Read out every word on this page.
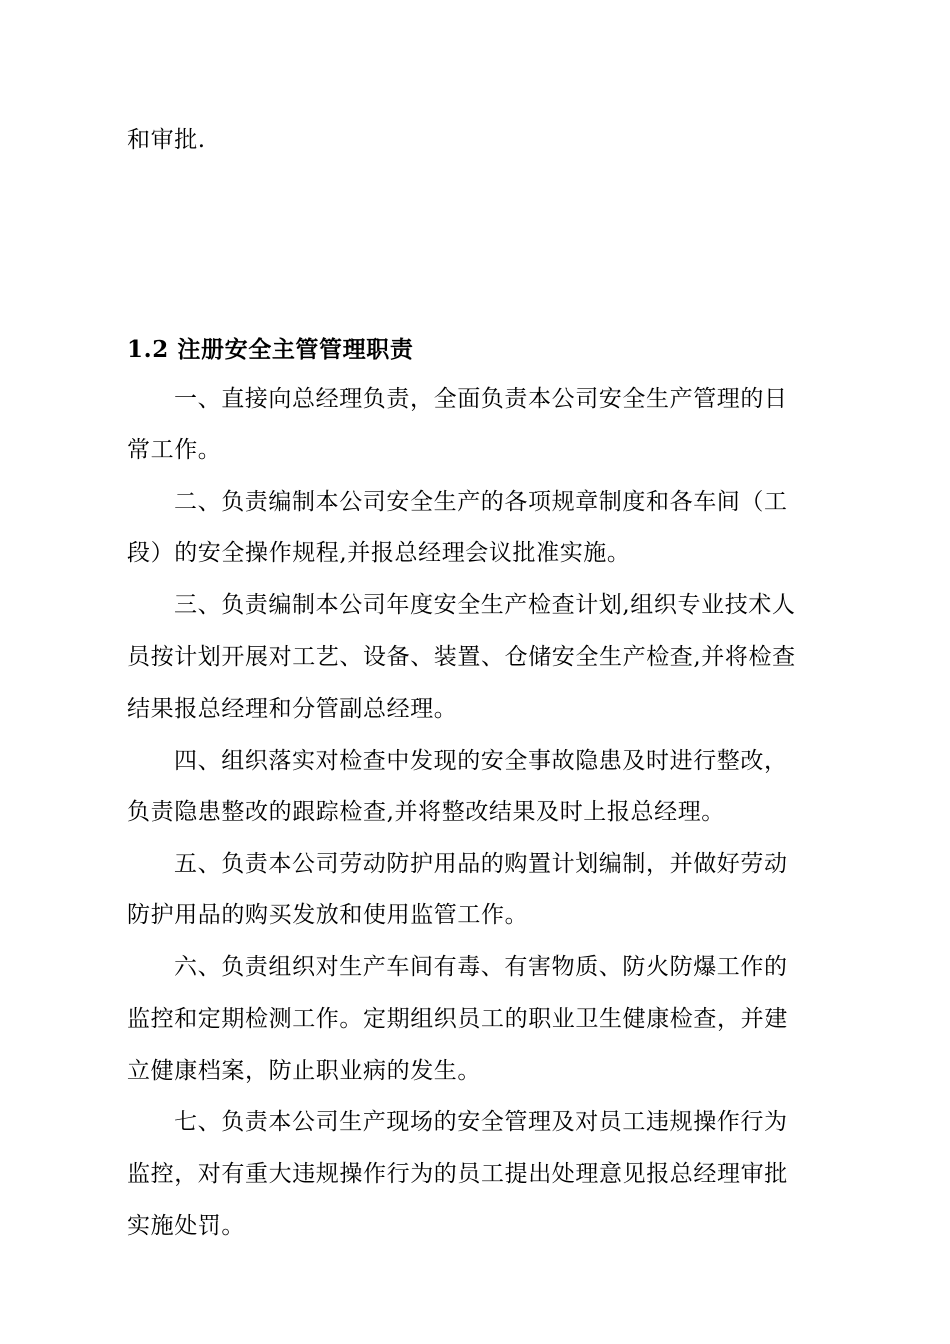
和审批.
1.2 注册安全主管管理职责
一、直接向总经理负责，全面负责本公司安全生产管理的日
常工作。
二、负责编制本公司安全生产的各项规章制度和各车间（工
段）的安全操作规程,并报总经理会议批准实施。
三、负责编制本公司年度安全生产检查计划,组织专业技术人
员按计划开展对工艺、设备、装置、仓储安全生产检查,并将检查
结果报总经理和分管副总经理。
四、组织落实对检查中发现的安全事故隐患及时进行整改，
负责隐患整改的跟踪检查,并将整改结果及时上报总经理。
五、负责本公司劳动防护用品的购置计划编制，并做好劳动
防护用品的购买发放和使用监管工作。
六、负责组织对生产车间有毒、有害物质、防火防爆工作的
监控和定期检测工作。定期组织员工的职业卫生健康检查，并建
立健康档案，防止职业病的发生。
七、负责本公司生产现场的安全管理及对员工违规操作行为
监控，对有重大违规操作行为的员工提出处理意见报总经理审批
实施处罚。
